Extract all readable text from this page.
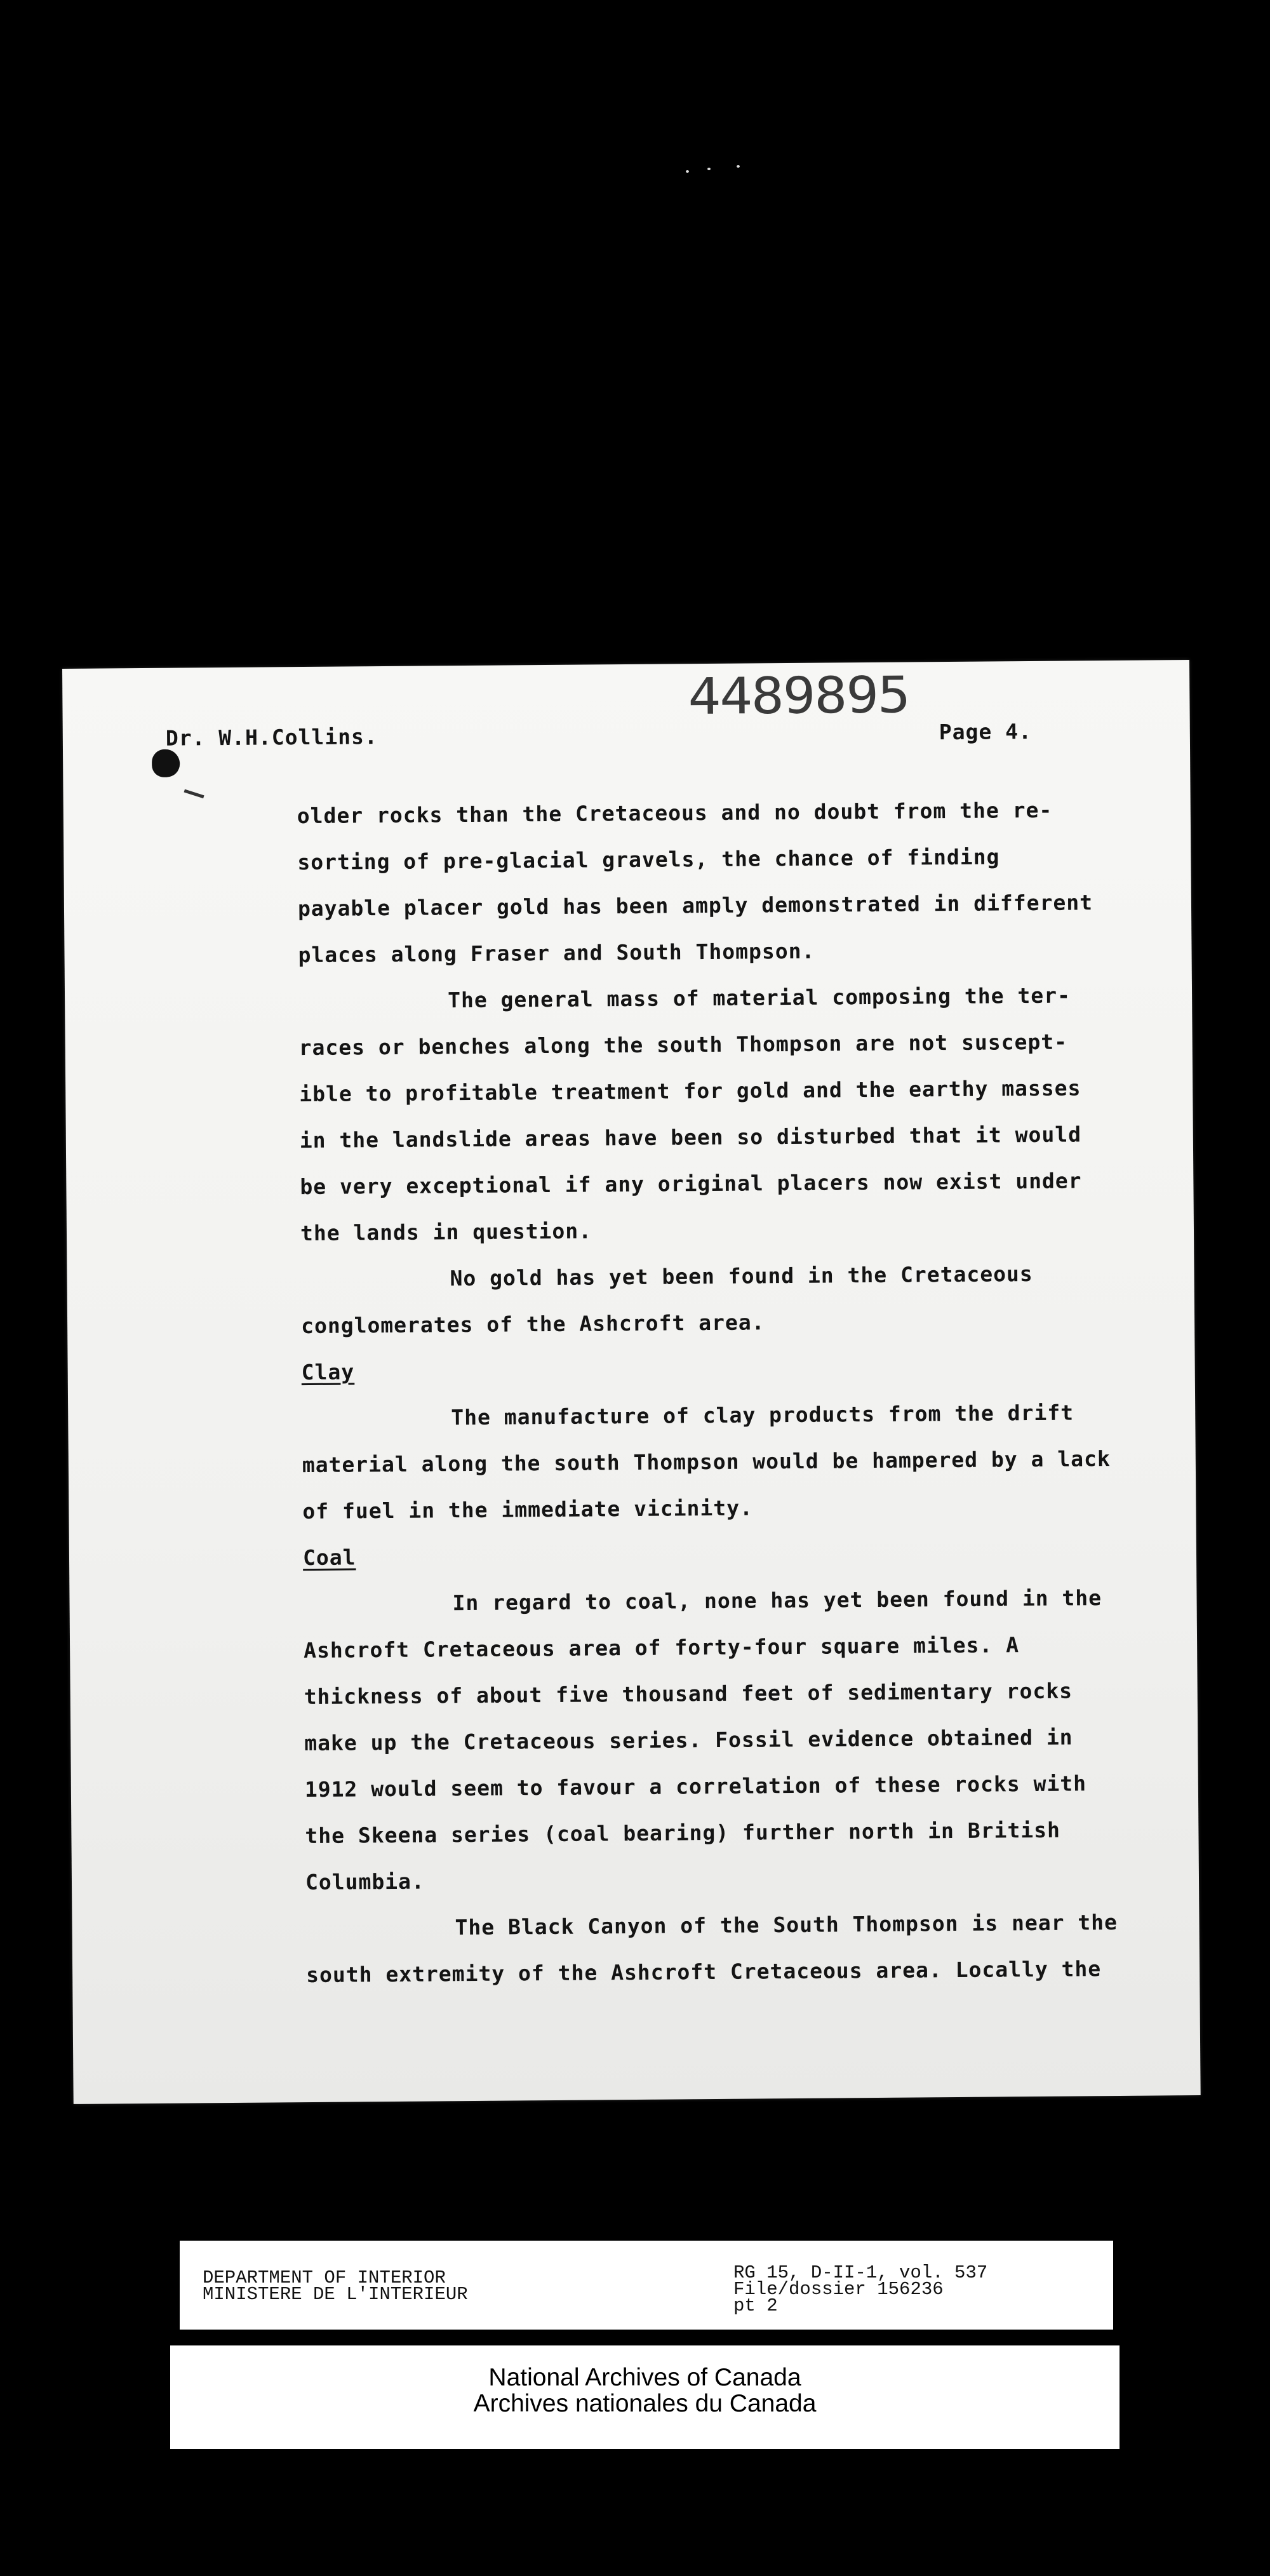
4489895
Dr. W.H.Collins.	Page 4.
older rocks than the Cretaceous and no doubt from the re-
sorting of pre-glacial gravels, the chance of finding
payable placer gold has been amply demonstrated in different
places along Fraser and South Thompson.
The general mass of material composing the ter-
races or benches along the south Thompson are not suscept-
ible to profitable treatment for gold and the earthy masses
in the landslide areas have been so disturbed that it would
be very exceptional if any original placers now exist under
the lands in question.
No gold has yet been found in the Cretaceous
conglomerates of the Ashcroft area.
Clay
The manufacture of clay products from the drift
material along the south Thompson would be hampered by a lack
of fuel in the immediate vicinity.
Coal
In regard to coal, none has yet been found in the
Ashcroft Cretaceous area of forty-four square miles. A
thickness of about five thousand feet of sedimentary rocks
make up the Cretaceous series. Fossil evidence obtained in
1912 would seem to favour a correlation of these rocks with
the Skeena series (coal bearing) further north in British
Columbia.
The Black Canyon of the South Thompson is near the
south extremity of the Ashcroft Cretaceous area. Locally the
DEPARTMENT OF INTERIOR
MINISTERE DE L'INTERIEUR
RG 15, D-II-1, vol. 537
File/dossier 156236
pt 2
National Archives of Canada
Archives nationales du Canada
